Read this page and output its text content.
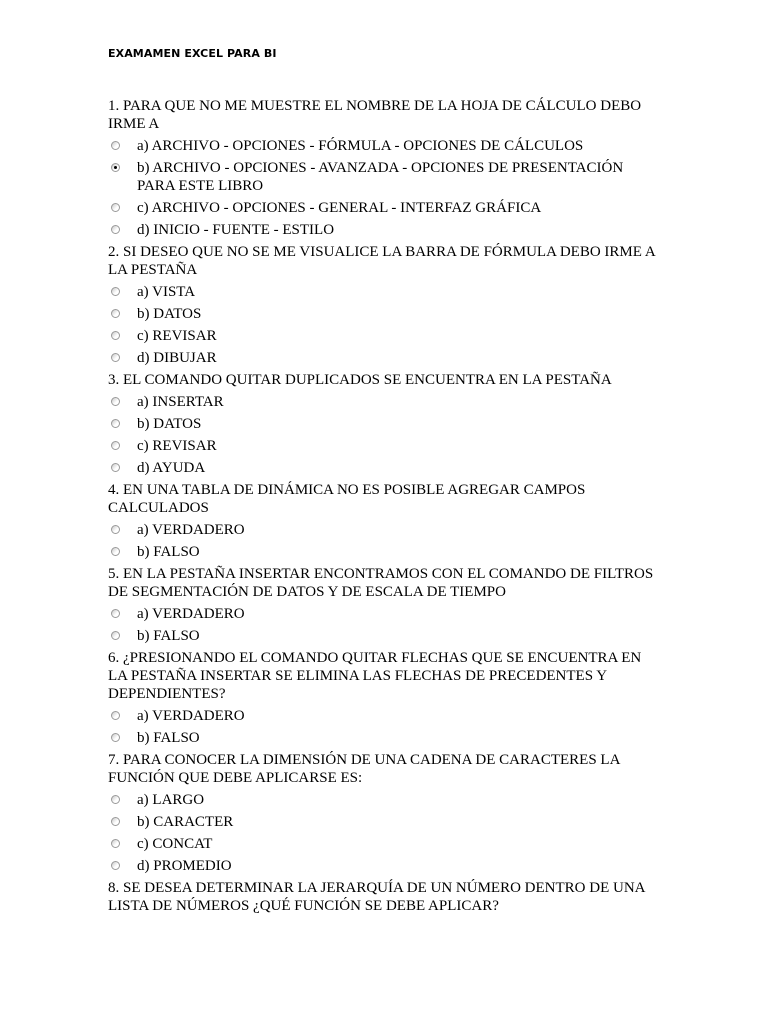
EXAMAMEN EXCEL PARA BI
1. PARA QUE NO ME MUESTRE EL NOMBRE DE LA HOJA DE CÁLCULO DEBO IRME A
a) ARCHIVO - OPCIONES - FÓRMULA - OPCIONES DE CÁLCULOS
b) ARCHIVO - OPCIONES - AVANZADA - OPCIONES DE PRESENTACIÓN PARA ESTE LIBRO
c) ARCHIVO - OPCIONES - GENERAL - INTERFAZ GRÁFICA
d) INICIO - FUENTE - ESTILO
2. SI DESEO QUE NO SE ME VISUALICE LA BARRA DE FÓRMULA DEBO IRME A LA PESTAÑA
a) VISTA
b) DATOS
c) REVISAR
d) DIBUJAR
3. EL COMANDO QUITAR DUPLICADOS SE ENCUENTRA EN LA PESTAÑA
a) INSERTAR
b) DATOS
c) REVISAR
d) AYUDA
4. EN UNA TABLA DE DINÁMICA NO ES POSIBLE AGREGAR CAMPOS CALCULADOS
a) VERDADERO
b) FALSO
5. EN LA PESTAÑA INSERTAR ENCONTRAMOS CON EL COMANDO DE FILTROS DE SEGMENTACIÓN DE DATOS Y DE ESCALA DE TIEMPO
a) VERDADERO
b) FALSO
6. ¿PRESIONANDO EL COMANDO QUITAR FLECHAS QUE SE ENCUENTRA EN LA PESTAÑA INSERTAR SE ELIMINA LAS FLECHAS DE PRECEDENTES Y DEPENDIENTES?
a) VERDADERO
b) FALSO
7. PARA CONOCER LA DIMENSIÓN DE UNA CADENA DE CARACTERES LA FUNCIÓN QUE DEBE APLICARSE ES:
a) LARGO
b) CARACTER
c) CONCAT
d) PROMEDIO
8. SE DESEA DETERMINAR LA JERARQUÍA DE UN NÚMERO DENTRO DE UNA LISTA DE NÚMEROS ¿QUÉ FUNCIÓN SE DEBE APLICAR?
